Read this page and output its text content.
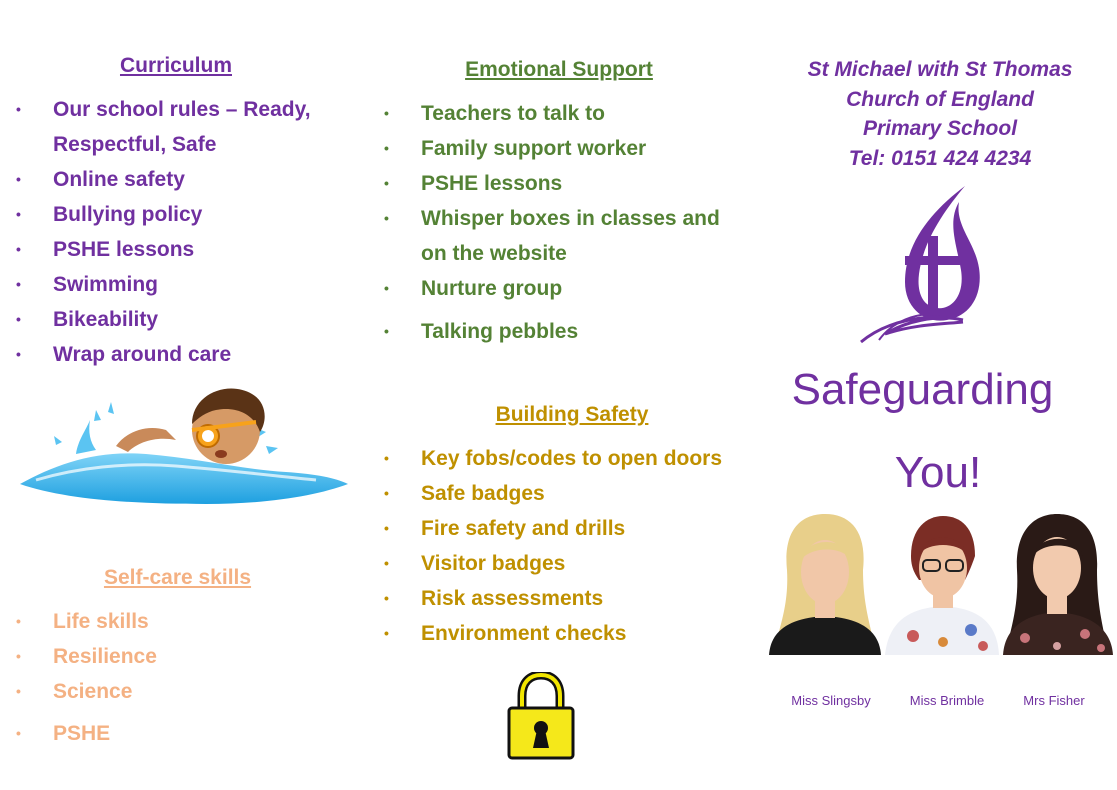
Curriculum
• Our school rules – Ready,
Respectful, Safe
• Online safety
• Bullying policy
• PSHE lessons
• Swimming
• Bikeability
• Wrap around care
Self-care skills
• Life skills
• Resilience
• Science
• PSHE
Emotional Support
• Teachers to talk to
• Family support worker
• PSHE lessons
• Whisper boxes in classes and
on the website
• Nurture group
• Talking pebbles
Building Safety
• Key fobs/codes to open doors
• Safe badges
• Fire safety and drills
• Visitor badges
• Risk assessments
• Environment checks
St Michael with St Thomas
Church of England
Primary School
Tel: 0151 424 4234
Safeguarding
You!
Miss Slingsby	Miss Brimble	Mrs Fisher
